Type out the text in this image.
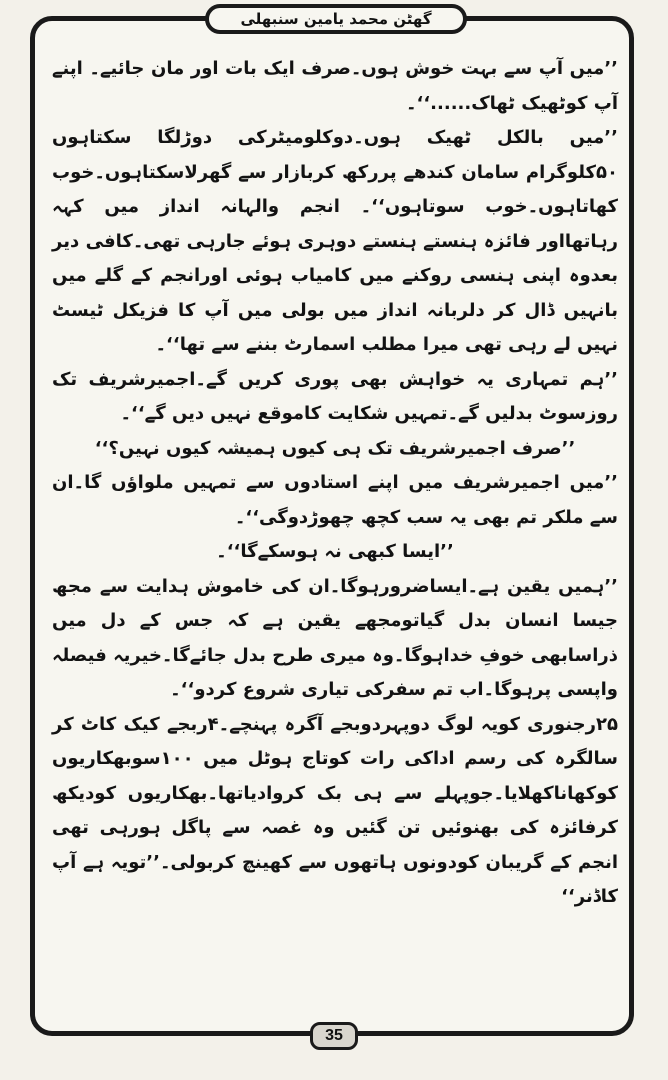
گھٹن محمد یامین سنبھلی

’’میں آپ سے بہت خوش ہوں۔صرف ایک بات اور مان جائیے۔ اپنے آپ کوٹھیک ٹھاک......‘‘۔

’’میں بالکل ٹھیک ہوں۔دوکلومیٹرکی دوڑلگا سکتاہوں ۵۰کلوگرام سامان کندھے پررکھ کربازار سے گھرلاسکتاہوں۔خوب کھاتاہوں۔خوب سوتاہوں‘‘۔ انجم والہانہ انداز میں کہہ رہاتھااور فائزہ ہنستے ہنستے دوہری ہوئے جارہی تھی۔کافی دیر بعدوہ اپنی ہنسی روکنے میں کامیاب ہوئی اورانجم کے گلے میں بانہیں ڈال کر دلربانہ انداز میں بولی میں آپ کا فزیکل ٹیسٹ نہیں لے رہی تھی میرا مطلب اسمارٹ بننے سے تھا‘‘۔

’’ہم تمہاری یہ خواہش بھی پوری کریں گے۔اجمیرشریف تک روزسوٹ بدلیں گے۔تمہیں شکایت کاموقع نہیں دیں گے‘‘۔

’’صرف اجمیرشریف تک ہی کیوں ہمیشہ کیوں نہیں؟‘‘

’’میں اجمیرشریف میں اپنے استادوں سے تمہیں ملواؤں گا۔ان سے ملکر تم بھی یہ سب کچھ چھوڑدوگی‘‘۔

’’ایسا کبھی نہ ہوسکےگا‘‘۔

’’ہمیں یقین ہے۔ایساضرورہوگا۔ان کی خاموش ہدایت سے مجھ جیسا انسان بدل گیاتومجھے یقین ہے کہ جس کے دل میں ذراسابھی خوفِ خداہوگا۔وہ میری طرح بدل جائےگا۔خیریہ فیصلہ واپسی پرہوگا۔اب تم سفرکی تیاری شروع کردو‘‘۔

۲۵رجنوری کویہ لوگ دوپہردوبجے آگرہ پہنچے۔۴ربجے کیک کاٹ کر سالگرہ کی رسم اداکی رات کوتاج ہوٹل میں ۱۰۰سوبھکاریوں کوکھاناکھلایا۔جوپہلے سے ہی بک کروادیاتھا۔بھکاریوں کودیکھ کرفائزہ کی بھنوئیں تن گئیں وہ غصہ سے پاگل ہورہی تھی انجم کے گریبان کودونوں ہاتھوں سے کھینچ کربولی۔’’تویہ ہے آپ کاڈنر‘‘

35
